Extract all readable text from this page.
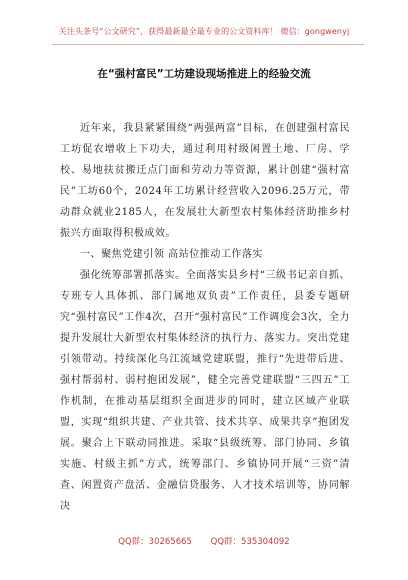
关注头条号“公文研究”，获得最新最全最专业的公文资料库！ 微信：gongwenyj
在“强村富民”工坊建设现场推进上的经验交流

近年来，我县紧紧围绕“两强两富”目标，在创建强村富民工坊促农增收上下功夫，通过利用村级闲置土地、厂房、学校、易地扶贫搬迁点门面和劳动力等资源，累计创建“强村富民”工坊60个，2024年工坊累计经营收入2096.25万元，带动群众就业2185人，在发展壮大新型农村集体经济助推乡村振兴方面取得积极成效。

一、聚焦党建引领 高站位推动工作落实

强化统筹部署抓落实。全面落实县乡村“三级书记亲自抓、专班专人具体抓、部门属地双负责”工作责任，县委专题研究“强村富民”工作4次，召开“强村富民”工作调度会3次，全力提升发展壮大新型农村集体经济的执行力、落实力。突出党建引领带动。持续深化乌江流域党建联盟，推行“先进带后进、强村帮弱村、弱村抱团发展”，健全完善党建联盟“三四五”工作机制，在推动基层组织全面进步的同时，建立区域产业联盟，实现“组织共建、产业共管、技术共享、成果共享”抱团发展。聚合上下联动同推进。采取“县级统筹、部门协同、乡镇实施、村级主抓”方式，统筹部门、乡镇协同开展“三资”清查、闲置资产盘活、金融信贷服务、人才技术培训等，协同解决

QQ群：30265665 QQ群：535304092
